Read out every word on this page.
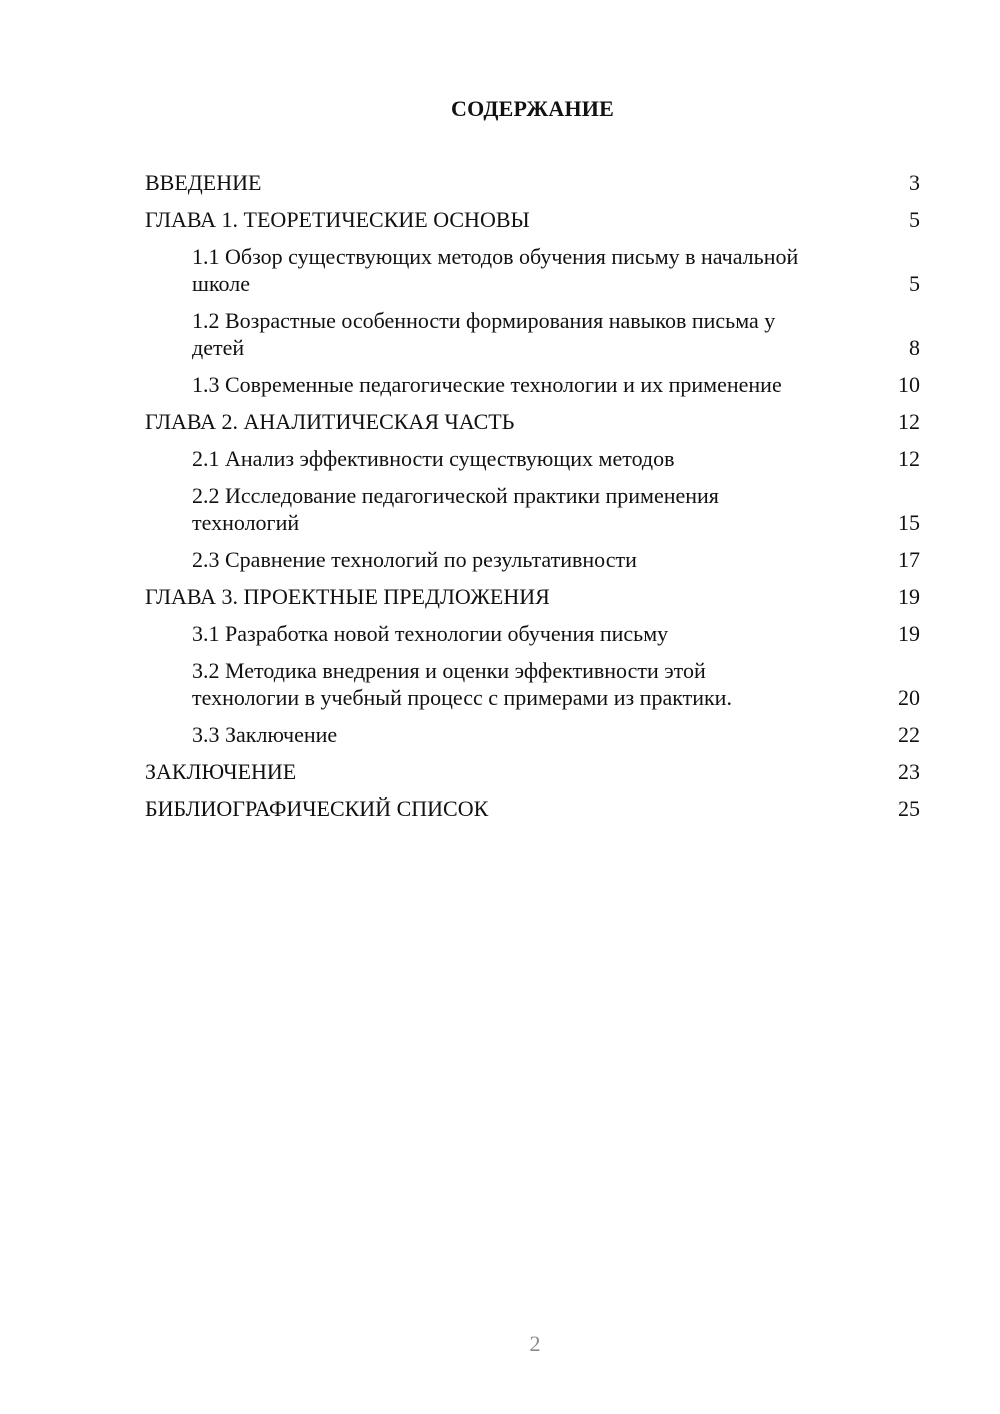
СОДЕРЖАНИЕ
ВВЕДЕНИЕ	3
ГЛАВА 1. ТЕОРЕТИЧЕСКИЕ ОСНОВЫ	5
1.1 Обзор существующих методов обучения письму в начальной школе	5
1.2 Возрастные особенности формирования навыков письма у детей	8
1.3 Современные педагогические технологии и их применение	10
ГЛАВА 2. АНАЛИТИЧЕСКАЯ ЧАСТЬ	12
2.1 Анализ эффективности существующих методов	12
2.2 Исследование педагогической практики применения технологий	15
2.3 Сравнение технологий по результативности	17
ГЛАВА 3. ПРОЕКТНЫЕ ПРЕДЛОЖЕНИЯ	19
3.1 Разработка новой технологии обучения письму	19
3.2 Методика внедрения и оценки эффективности этой технологии в учебный процесс с примерами из практики.	20
3.3 Заключение	22
ЗАКЛЮЧЕНИЕ	23
БИБЛИОГРАФИЧЕСКИЙ СПИСОК	25
2
